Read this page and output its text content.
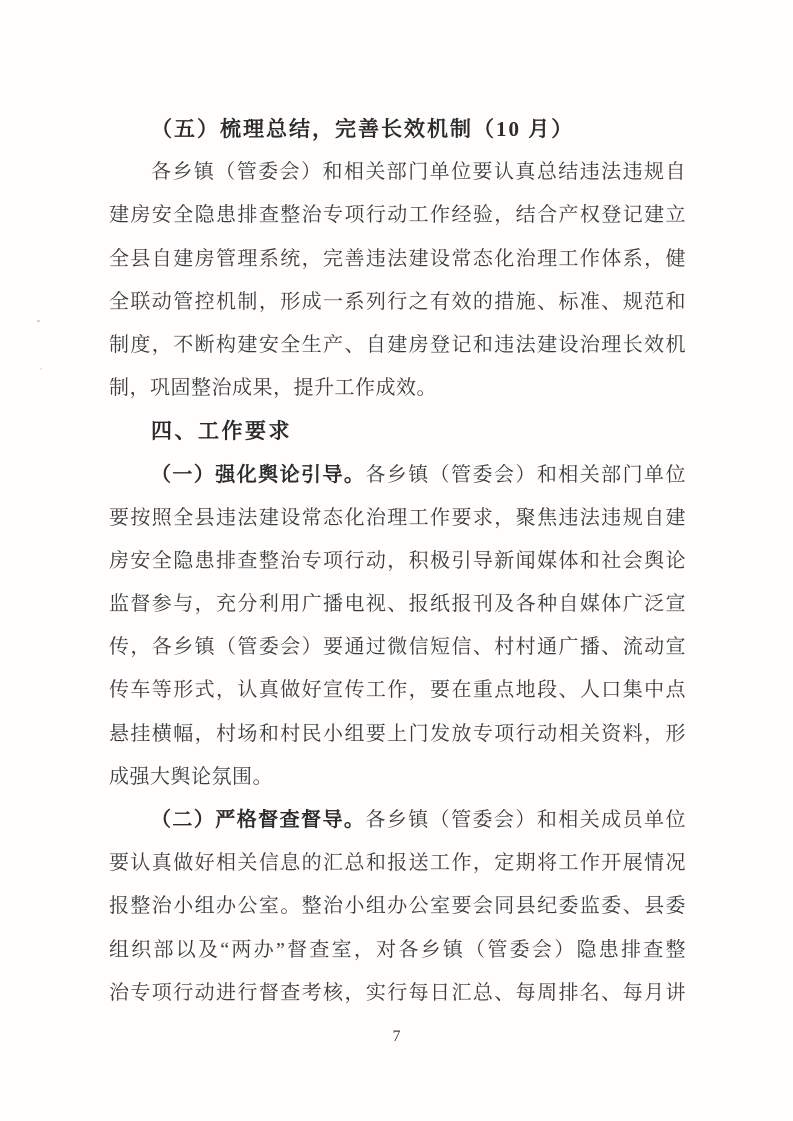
（五）梳理总结，完善长效机制（10 月）
各乡镇（管委会）和相关部门单位要认真总结违法违规自
建房安全隐患排查整治专项行动工作经验，结合产权登记建立
全县自建房管理系统，完善违法建设常态化治理工作体系，健
全联动管控机制，形成一系列行之有效的措施、标准、规范和
制度，不断构建安全生产、自建房登记和违法建设治理长效机
制，巩固整治成果，提升工作成效。
四、工作要求
（一）强化舆论引导。各乡镇（管委会）和相关部门单位
要按照全县违法建设常态化治理工作要求，聚焦违法违规自建
房安全隐患排查整治专项行动，积极引导新闻媒体和社会舆论
监督参与，充分利用广播电视、报纸报刊及各种自媒体广泛宣
传，各乡镇（管委会）要通过微信短信、村村通广播、流动宣
传车等形式，认真做好宣传工作，要在重点地段、人口集中点
悬挂横幅，村场和村民小组要上门发放专项行动相关资料，形
成强大舆论氛围。
（二）严格督查督导。各乡镇（管委会）和相关成员单位
要认真做好相关信息的汇总和报送工作，定期将工作开展情况
报整治小组办公室。整治小组办公室要会同县纪委监委、县委
组织部以及“两办”督查室，对各乡镇（管委会）隐患排查整
治专项行动进行督查考核，实行每日汇总、每周排名、每月讲
7
